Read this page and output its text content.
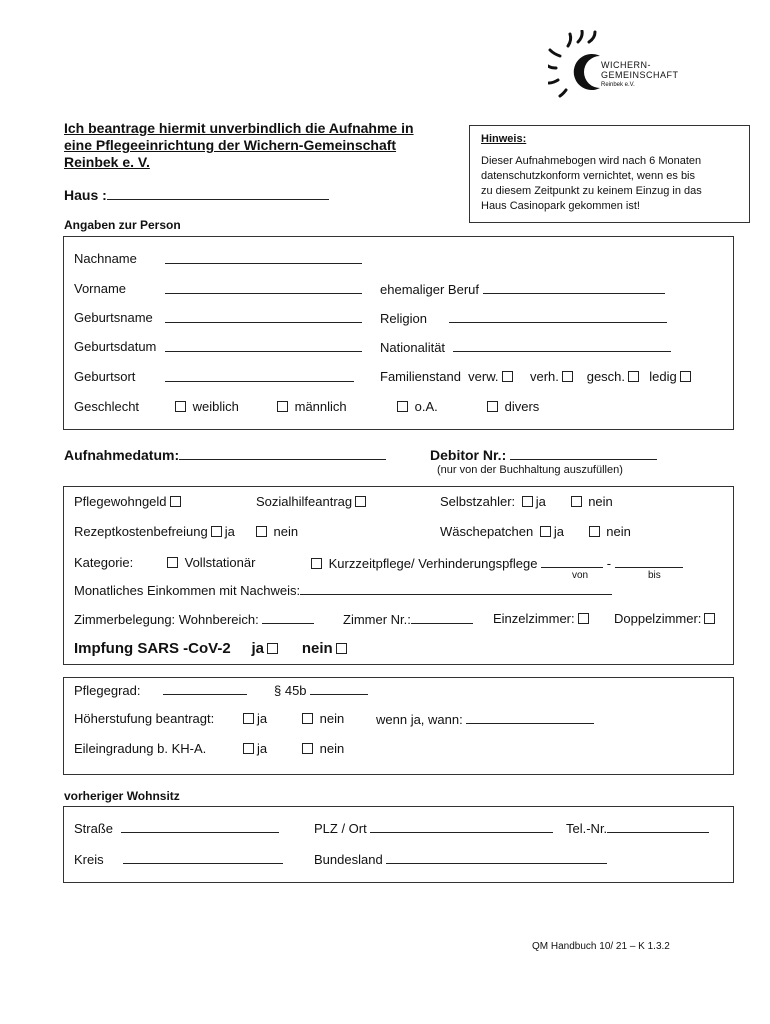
WICHERN-
GEMEINSCHAFT
Reinbek e.V.
Ich beantrage hiermit unverbindlich die Aufnahme in
eine Pflegeeinrichtung der Wichern-Gemeinschaft
Reinbek e. V.
Haus :
Hinweis:
Dieser Aufnahmebogen wird nach 6 Monaten
datenschutzkonform vernichtet, wenn es bis
zu diesem Zeitpunkt zu keinem Einzug in das
Haus Casinopark gekommen ist!
Angaben zur Person
Nachname
Vorname	ehemaliger Beruf
Geburtsname	Religion
Geburtsdatum	Nationalität
Geburtsort	Familienstand verw. verh. gesch. ledig
Geschlecht	weiblich	männlich	o.A.	divers
Aufnahmedatum:	Debitor Nr.:
(nur von der Buchhaltung auszufüllen)
Pflegewohngeld	Sozialhilfeantrag	Selbstzahler: ja	nein
Rezeptkostenbefreiung ja	nein	Wäschepatchen ja	nein
Kategorie:	Vollstationär	Kurzzeitpflege/ Verhinderungspflege	-
von	bis
Monatliches Einkommen mit Nachweis:
Zimmerbelegung: Wohnbereich:	Zimmer Nr.:	Einzelzimmer:	Doppelzimmer:
Impfung SARS -CoV-2 ja	nein
Pflegegrad:	§ 45b
Höherstufung beantragt:	ja	nein wenn ja, wann:
Eileingradung b. KH-A.	ja	nein
vorheriger Wohnsitz
Straße	PLZ / Ort	Tel.-Nr.
Kreis	Bundesland
QM Handbuch 10/ 21 – K 1.3.2
